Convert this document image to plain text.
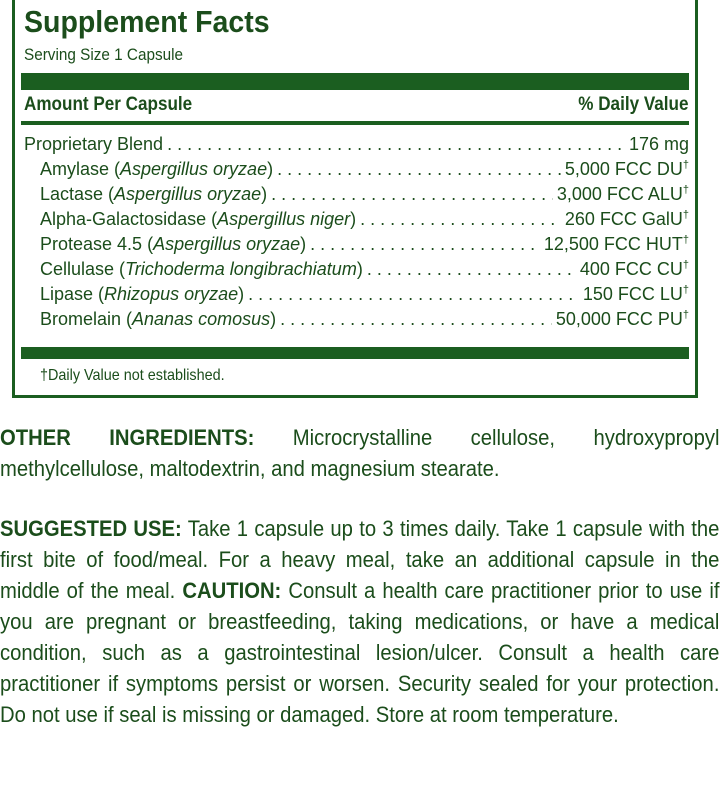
Supplement Facts
Serving Size 1 Capsule
Amount Per Capsule	% Daily Value
Proprietary Blend . . .	176 mg
Amylase (Aspergillus oryzae) . . .	5,000 FCC DU†
Lactase (Aspergillus oryzae) . . .	3,000 FCC ALU†
Alpha-Galactosidase (Aspergillus niger) . . .	260 FCC GalU†
Protease 4.5 (Aspergillus oryzae) . . .	12,500 FCC HUT†
Cellulase (Trichoderma longibrachiatum) . . .	400 FCC CU†
Lipase (Rhizopus oryzae) . . .	150 FCC LU†
Bromelain (Ananas comosus) . . .	50,000 FCC PU†
†Daily Value not established.
OTHER INGREDIENTS: Microcrystalline cellulose, hydroxypropyl methylcellulose, maltodextrin, and magnesium stearate.
SUGGESTED USE: Take 1 capsule up to 3 times daily. Take 1 capsule with the first bite of food/meal. For a heavy meal, take an additional capsule in the middle of the meal. CAUTION: Consult a health care practitioner prior to use if you are pregnant or breastfeeding, taking medications, or have a medical condition, such as a gastrointestinal lesion/ulcer. Consult a health care practitioner if symptoms persist or worsen. Security sealed for your protection. Do not use if seal is missing or damaged. Store at room temperature.
